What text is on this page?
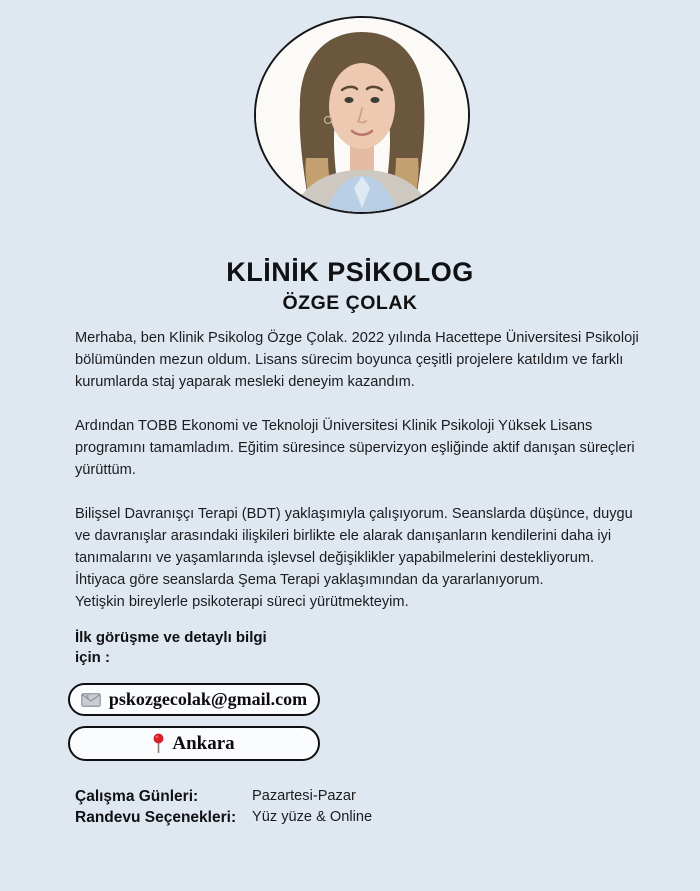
KLİNİK PSİKOLOG
ÖZGE ÇOLAK

Merhaba, ben Klinik Psikolog Özge Çolak. 2022 yılında Hacettepe Üniversitesi Psikoloji bölümünden mezun oldum. Lisans sürecim boyunca çeşitli projelere katıldım ve farklı kurumlarda staj yaparak mesleki deneyim kazandım.

Ardından TOBB Ekonomi ve Teknoloji Üniversitesi Klinik Psikoloji Yüksek Lisans programını tamamladım. Eğitim süresince süpervizyon eşliğinde aktif danışan süreçleri yürüttüm.

Bilişsel Davranışçı Terapi (BDT) yaklaşımıyla çalışıyorum. Seanslarda düşünce, duygu ve davranışlar arasındaki ilişkileri birlikte ele alarak danışanların kendilerini daha iyi tanımalarını ve yaşamlarında işlevsel değişiklikler yapabilmelerini destekliyorum. İhtiyaca göre seanslarda Şema Terapi yaklaşımından da yararlanıyorum.

Yetişkin bireylerle psikoterapi süreci yürütmekteyim.

İlk görüşme ve detaylı bilgi için :
E pskozgecolak@gmail.com
Ankara
Çalışma Günleri:	Pazartesi-Pazar
Randevu Seçenekleri:	Yüz yüze & Online
